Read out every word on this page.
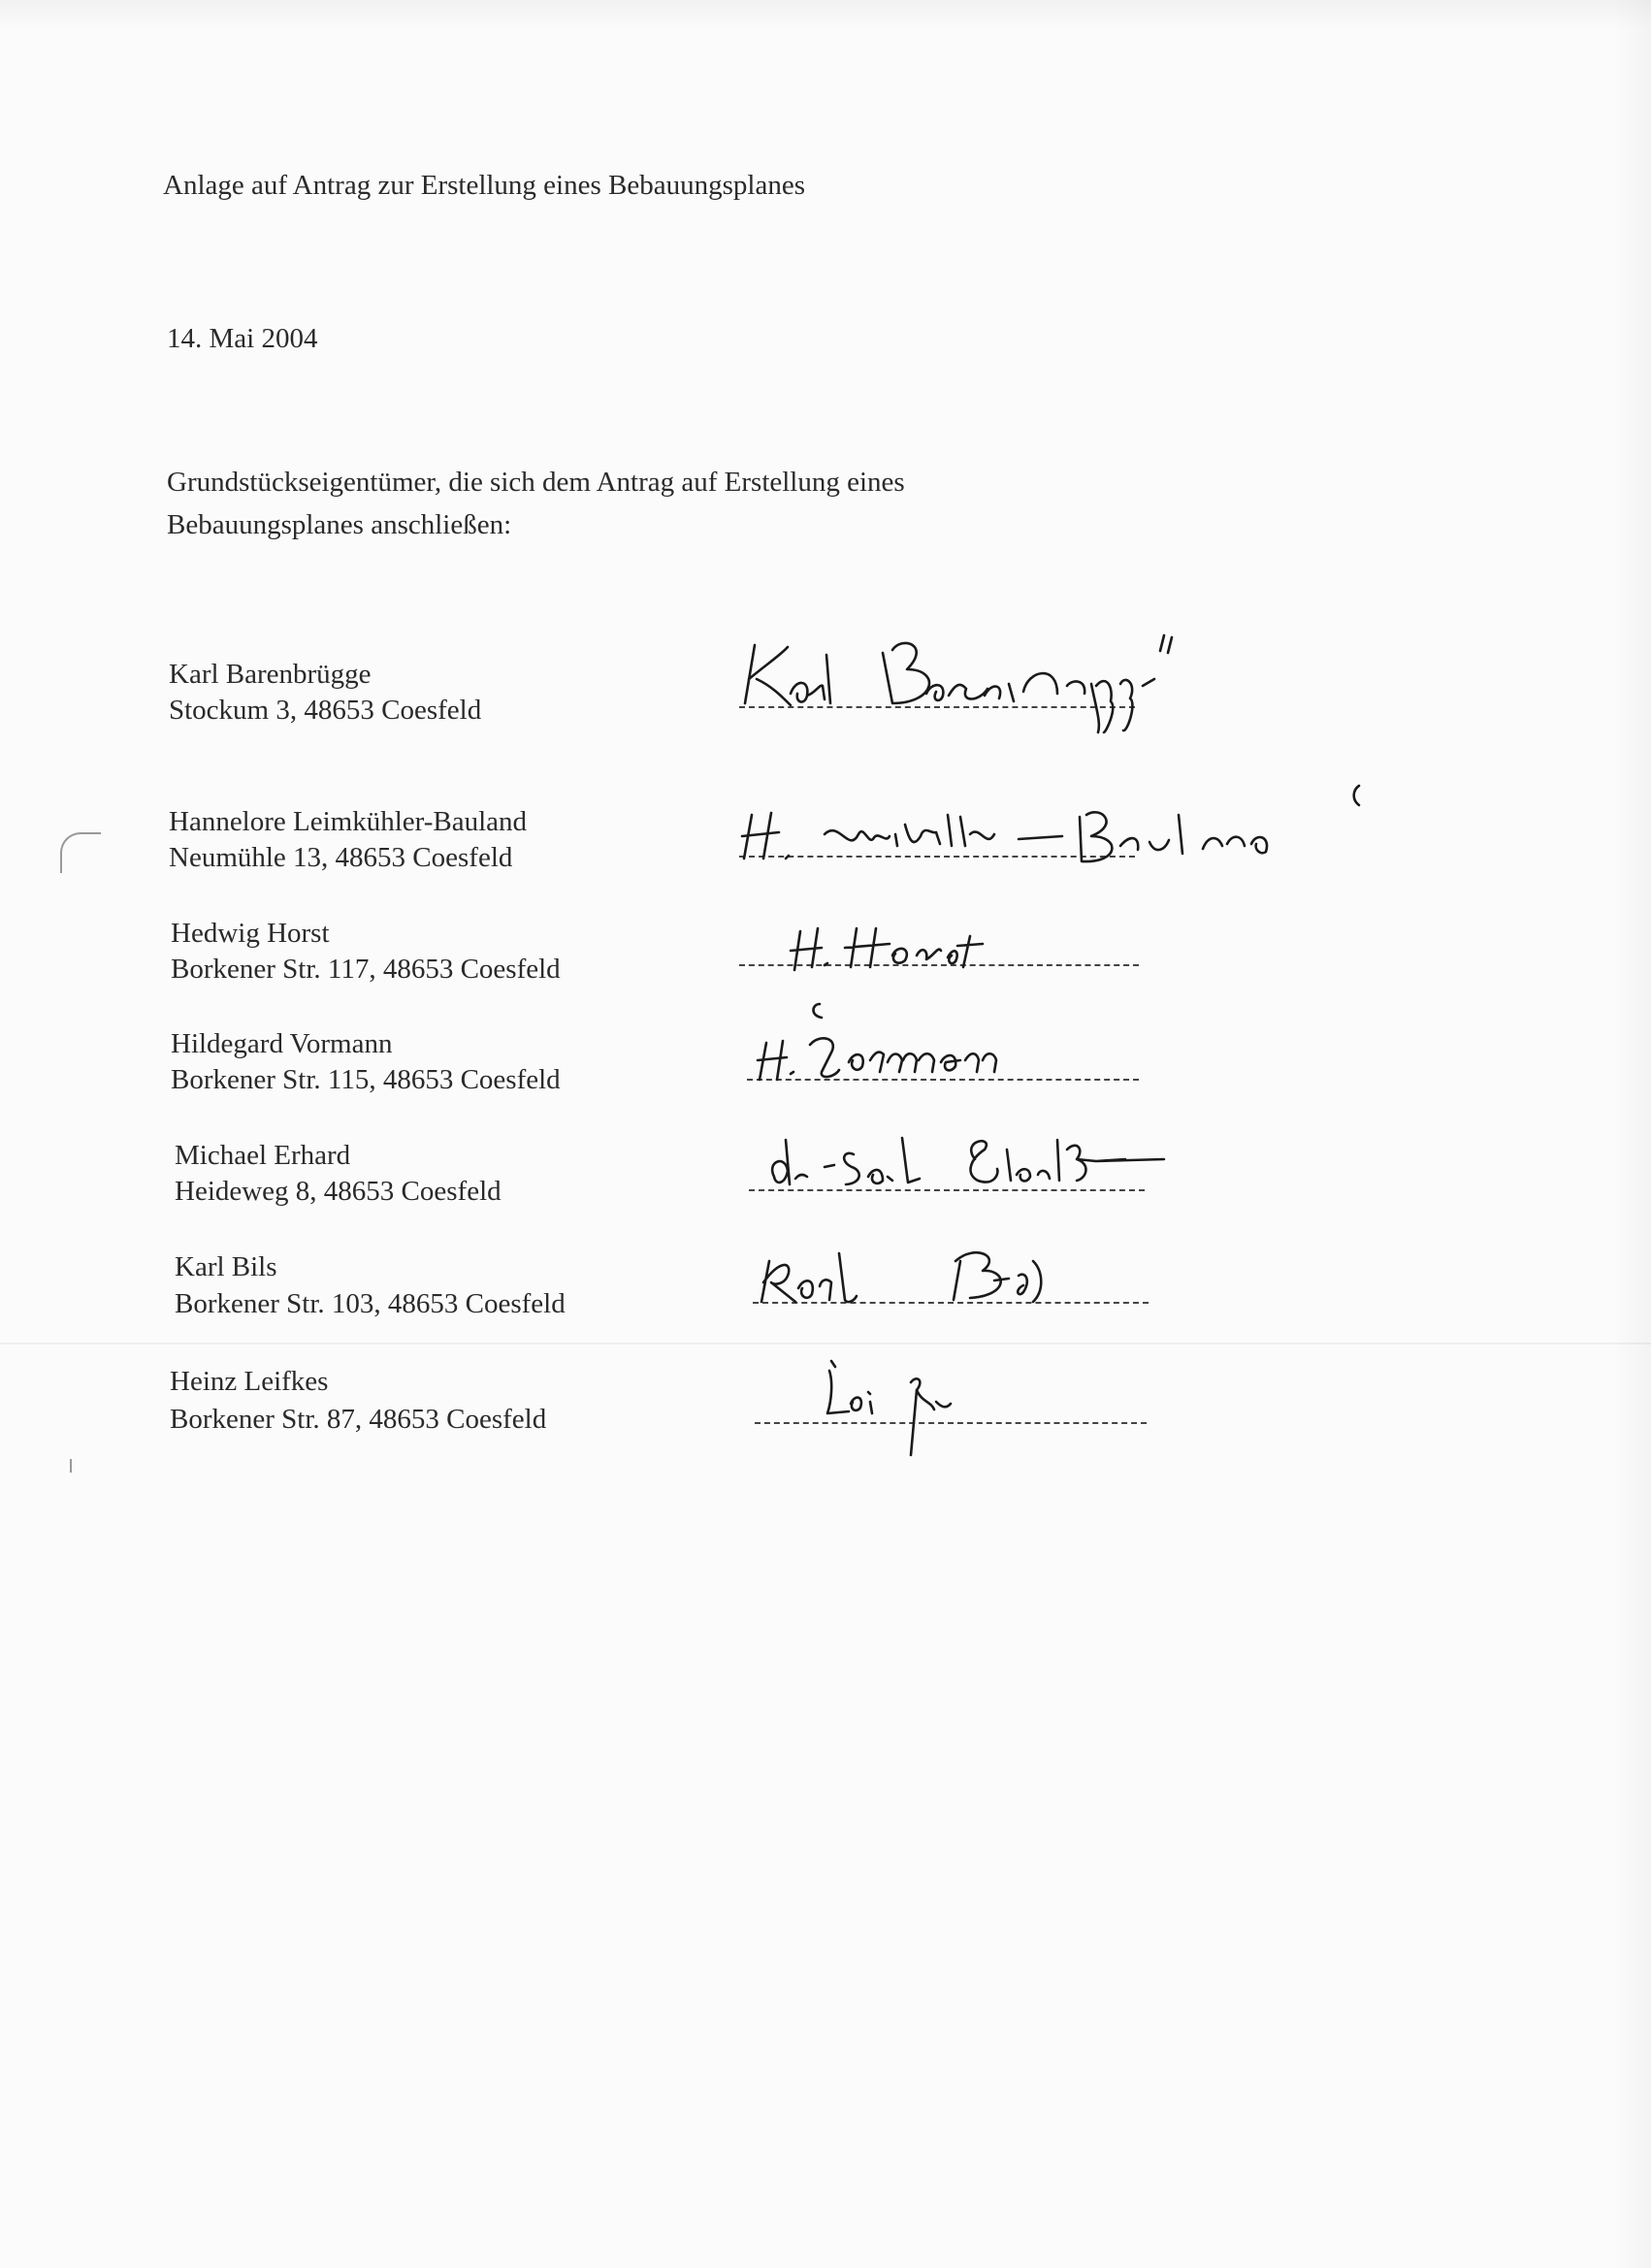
Anlage auf Antrag zur Erstellung eines Bebauungsplanes
14. Mai 2004
Grundstückseigentümer, die sich dem Antrag auf Erstellung eines
Bebauungsplanes anschließen:
Karl Barenbrügge
Stockum 3, 48653 Coesfeld
Hannelore Leimkühler-Bauland
Neumühle 13, 48653 Coesfeld
Hedwig Horst
Borkener Str. 117, 48653 Coesfeld
Hildegard Vormann
Borkener Str. 115, 48653 Coesfeld
Michael Erhard
Heideweg 8, 48653 Coesfeld
Karl Bils
Borkener Str. 103, 48653 Coesfeld
Heinz Leifkes
Borkener Str. 87, 48653 Coesfeld
